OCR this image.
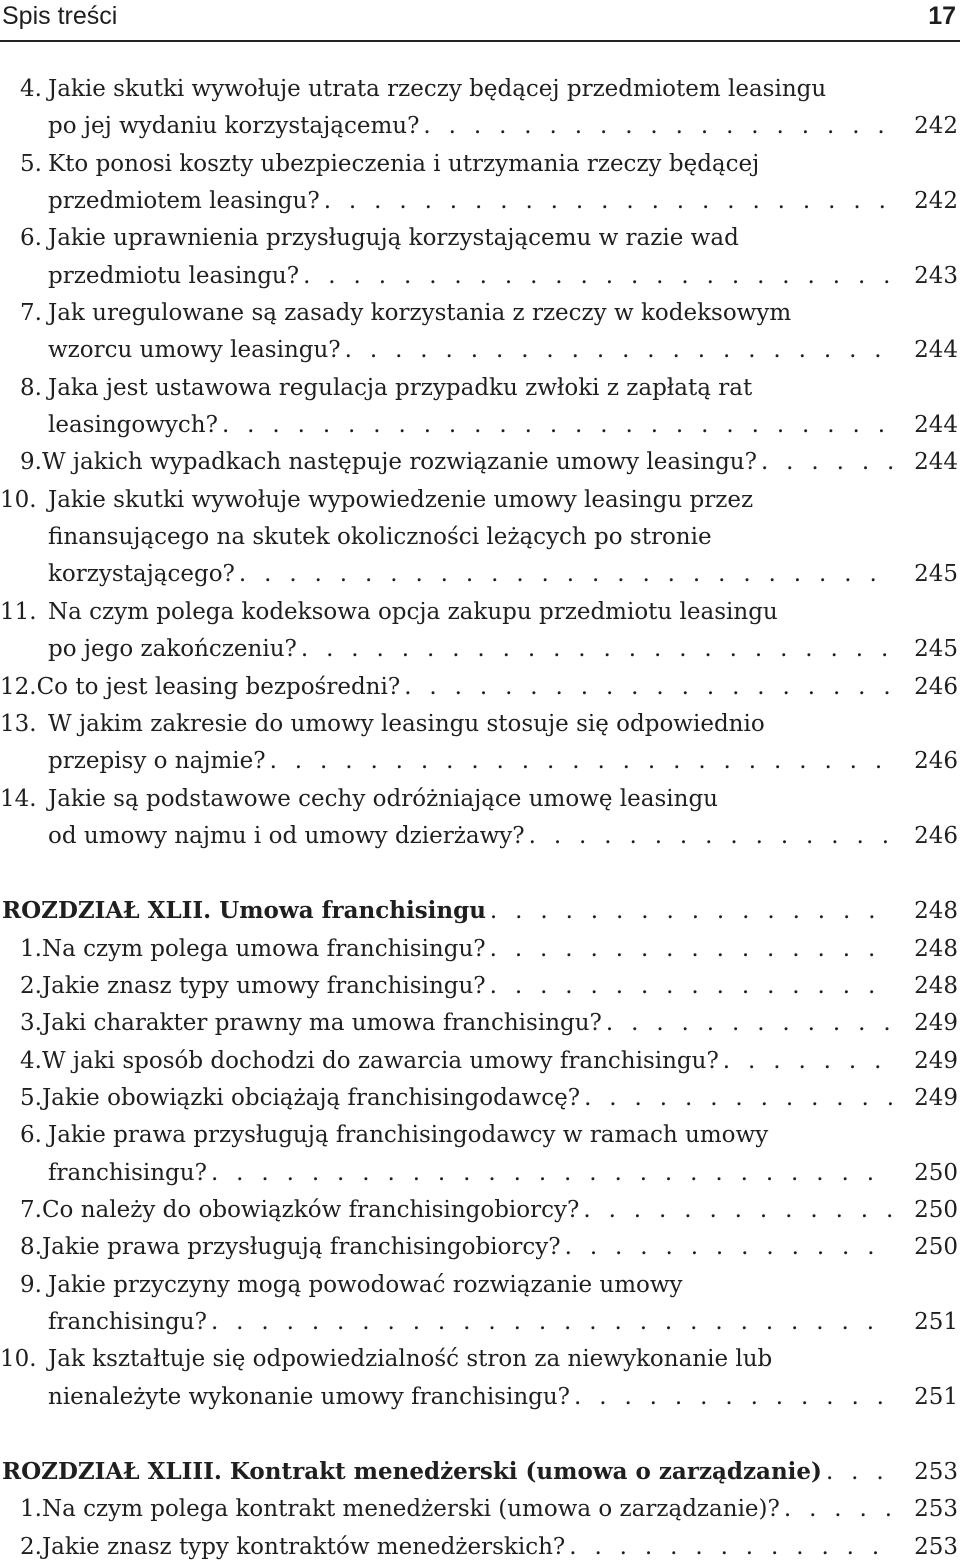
Spis treści	17
4. Jakie skutki wywołuje utrata rzeczy będącej przedmiotem leasingu
po jej wydaniu korzystającemu? . . .	242
5. Kto ponosi koszty ubezpieczenia i utrzymania rzeczy będącej
przedmiotem leasingu? . . .	242
6. Jakie uprawnienia przysługują korzystającemu w razie wad
przedmiotu leasingu? . . .	243
7. Jak uregulowane są zasady korzystania z rzeczy w kodeksowym
wzorcu umowy leasingu? . . .	244
8. Jaka jest ustawowa regulacja przypadku zwłoki z zapłatą rat
leasingowych? . . .	244
9. W jakich wypadkach następuje rozwiązanie umowy leasingu? . . .	244
10. Jakie skutki wywołuje wypowiedzenie umowy leasingu przez
finansującego na skutek okoliczności leżących po stronie
korzystającego? . . .	245
11. Na czym polega kodeksowa opcja zakupu przedmiotu leasingu
po jego zakończeniu? . . .	245
12. Co to jest leasing bezpośredni? . . .	246
13. W jakim zakresie do umowy leasingu stosuje się odpowiednio
przepisy o najmie? . . .	246
14. Jakie są podstawowe cechy odróżniające umowę leasingu
od umowy najmu i od umowy dzierżawy? . . .	246
ROZDZIAŁ XLII. Umowa franchisingu . . .	248
1. Na czym polega umowa franchisingu? . . .	248
2. Jakie znasz typy umowy franchisingu? . . .	248
3. Jaki charakter prawny ma umowa franchisingu? . . .	249
4. W jaki sposób dochodzi do zawarcia umowy franchisingu? . . .	249
5. Jakie obowiązki obciążają franchisingodawcę? . . .	249
6. Jakie prawa przysługują franchisingodawcy w ramach umowy
franchisingu? . . .	250
7. Co należy do obowiązków franchisingobiorcy? . . .	250
8. Jakie prawa przysługują franchisingobiorcy? . . .	250
9. Jakie przyczyny mogą powodować rozwiązanie umowy
franchisingu? . . .	251
10. Jak kształtuje się odpowiedzialność stron za niewykonanie lub
nienależyte wykonanie umowy franchisingu? . . .	251
ROZDZIAŁ XLIII. Kontrakt menedżerski (umowa o zarządzanie) . . .	253
1. Na czym polega kontrakt menedżerski (umowa o zarządzanie)? . . .	253
2. Jakie znasz typy kontraktów menedżerskich? . . .	253
